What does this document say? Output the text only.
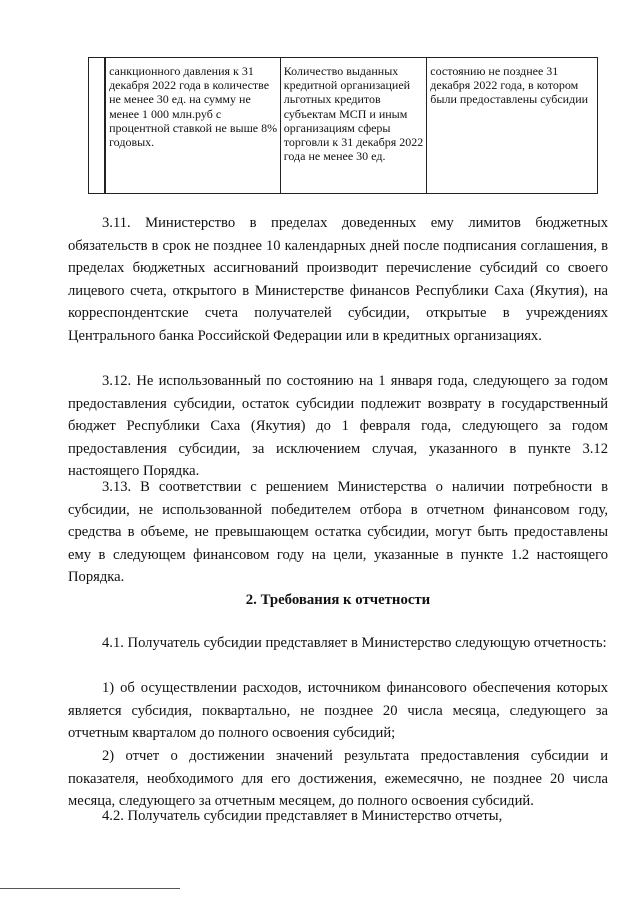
	санкционного давления к 31 декабря 2022 года в количестве не менее 30 ед. на сумму не менее 1 000 млн.руб с процентной ставкой не выше 8% годовых.	Количество выданных кредитной организацией льготных кредитов субъектам МСП и иным организациям сферы торговли к 31 декабря 2022 года не менее 30 ед.	состоянию не позднее 31 декабря 2022 года, в котором были предоставлены субсидии

3.11. Министерство в пределах доведенных ему лимитов бюджетных обязательств в срок не позднее 10 календарных дней после подписания соглашения, в пределах бюджетных ассигнований производит перечисление субсидий со своего лицевого счета, открытого в Министерстве финансов Республики Саха (Якутия), на корреспондентские счета получателей субсидии, открытые в учреждениях Центрального банка Российской Федерации или в кредитных организациях.

3.12. Не использованный по состоянию на 1 января года, следующего за годом предоставления субсидии, остаток субсидии подлежит возврату в государственный бюджет Республики Саха (Якутия) до 1 февраля года, следующего за годом предоставления субсидии, за исключением случая, указанного в пункте 3.12 настоящего Порядка.

3.13. В соответствии с решением Министерства о наличии потребности в субсидии, не использованной победителем отбора в отчетном финансовом году, средства в объеме, не превышающем остатка субсидии, могут быть предоставлены ему в следующем финансовом году на цели, указанные в пункте 1.2 настоящего Порядка.

2. Требования к отчетности

4.1. Получатель субсидии представляет в Министерство следующую отчетность:

1) об осуществлении расходов, источником финансового обеспечения которых является субсидия, поквартально, не позднее 20 числа месяца, следующего за отчетным кварталом до полного освоения субсидий;

2) отчет о достижении значений результата предоставления субсидии и показателя, необходимого для его достижения, ежемесячно, не позднее 20 числа месяца, следующего за отчетным месяцем, до полного освоения субсидий.

4.2. Получатель субсидии представляет в Министерство отчеты,
